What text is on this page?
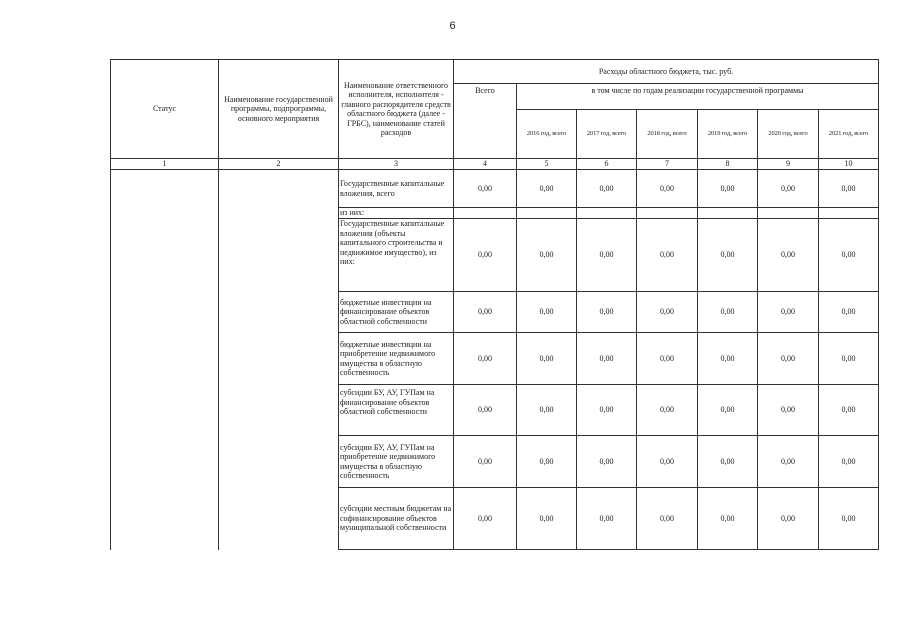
6
Статус	Наименование государственной программы, подпрограммы, основного мероприятия	Наименование ответственного исполнителя, исполнителя - главного распорядителя средств областного бюджета (далее - ГРБС), наименование статей расходов	Расходы областного бюджета, тыс. руб.						
			Всего	в том числе по годам реализации государственной программы					
				2016 год, всего	2017 год, всего	2018 год, всего	2019 год, всего	2020 год, всего	2021 год, всего
1	2	3	4	5	6	7	8	9	10
		Государственные капитальные вложения, всего	0,00	0,00	0,00	0,00	0,00	0,00	0,00
		из них:							
		Государственные капитальные вложения (объекты капитального строительства и недвижимое имущество), из них:	0,00	0,00	0,00	0,00	0,00	0,00	0,00
		бюджетные инвестиции на финансирование объектов областной собственности	0,00	0,00	0,00	0,00	0,00	0,00	0,00
		бюджетные инвестиции на приобретение недвижимого имущества в областную собственность	0,00	0,00	0,00	0,00	0,00	0,00	0,00
		субсидии БУ, АУ, ГУПам на финансирование объектов областной собственности	0,00	0,00	0,00	0,00	0,00	0,00	0,00
		субсидии БУ, АУ, ГУПам на приобретение недвижимого имущества в областную собственность	0,00	0,00	0,00	0,00	0,00	0,00	0,00
		субсидии местным бюджетам на софинансирование объектов муниципальной собственности	0,00	0,00	0,00	0,00	0,00	0,00	0,00
